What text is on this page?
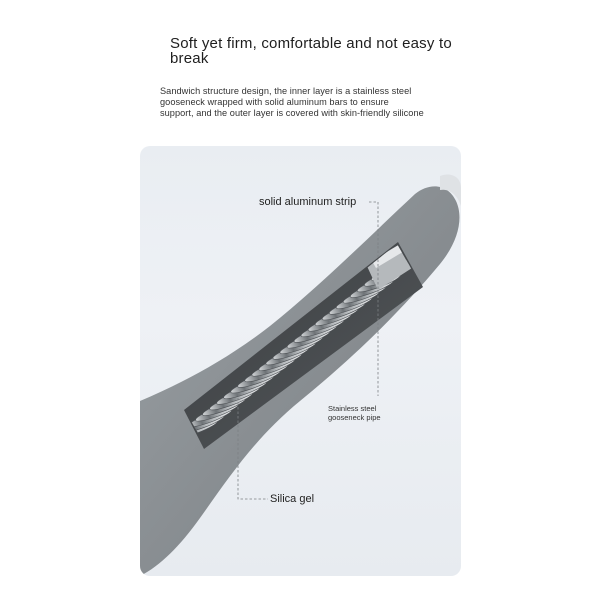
Soft yet firm, comfortable and not easy to
break
Sandwich structure design, the inner layer is a stainless steel
gooseneck wrapped with solid aluminum bars to ensure
support, and the outer layer is covered with skin-friendly silicone
solid aluminum strip
Stainless steel
gooseneck pipe
Silica gel
